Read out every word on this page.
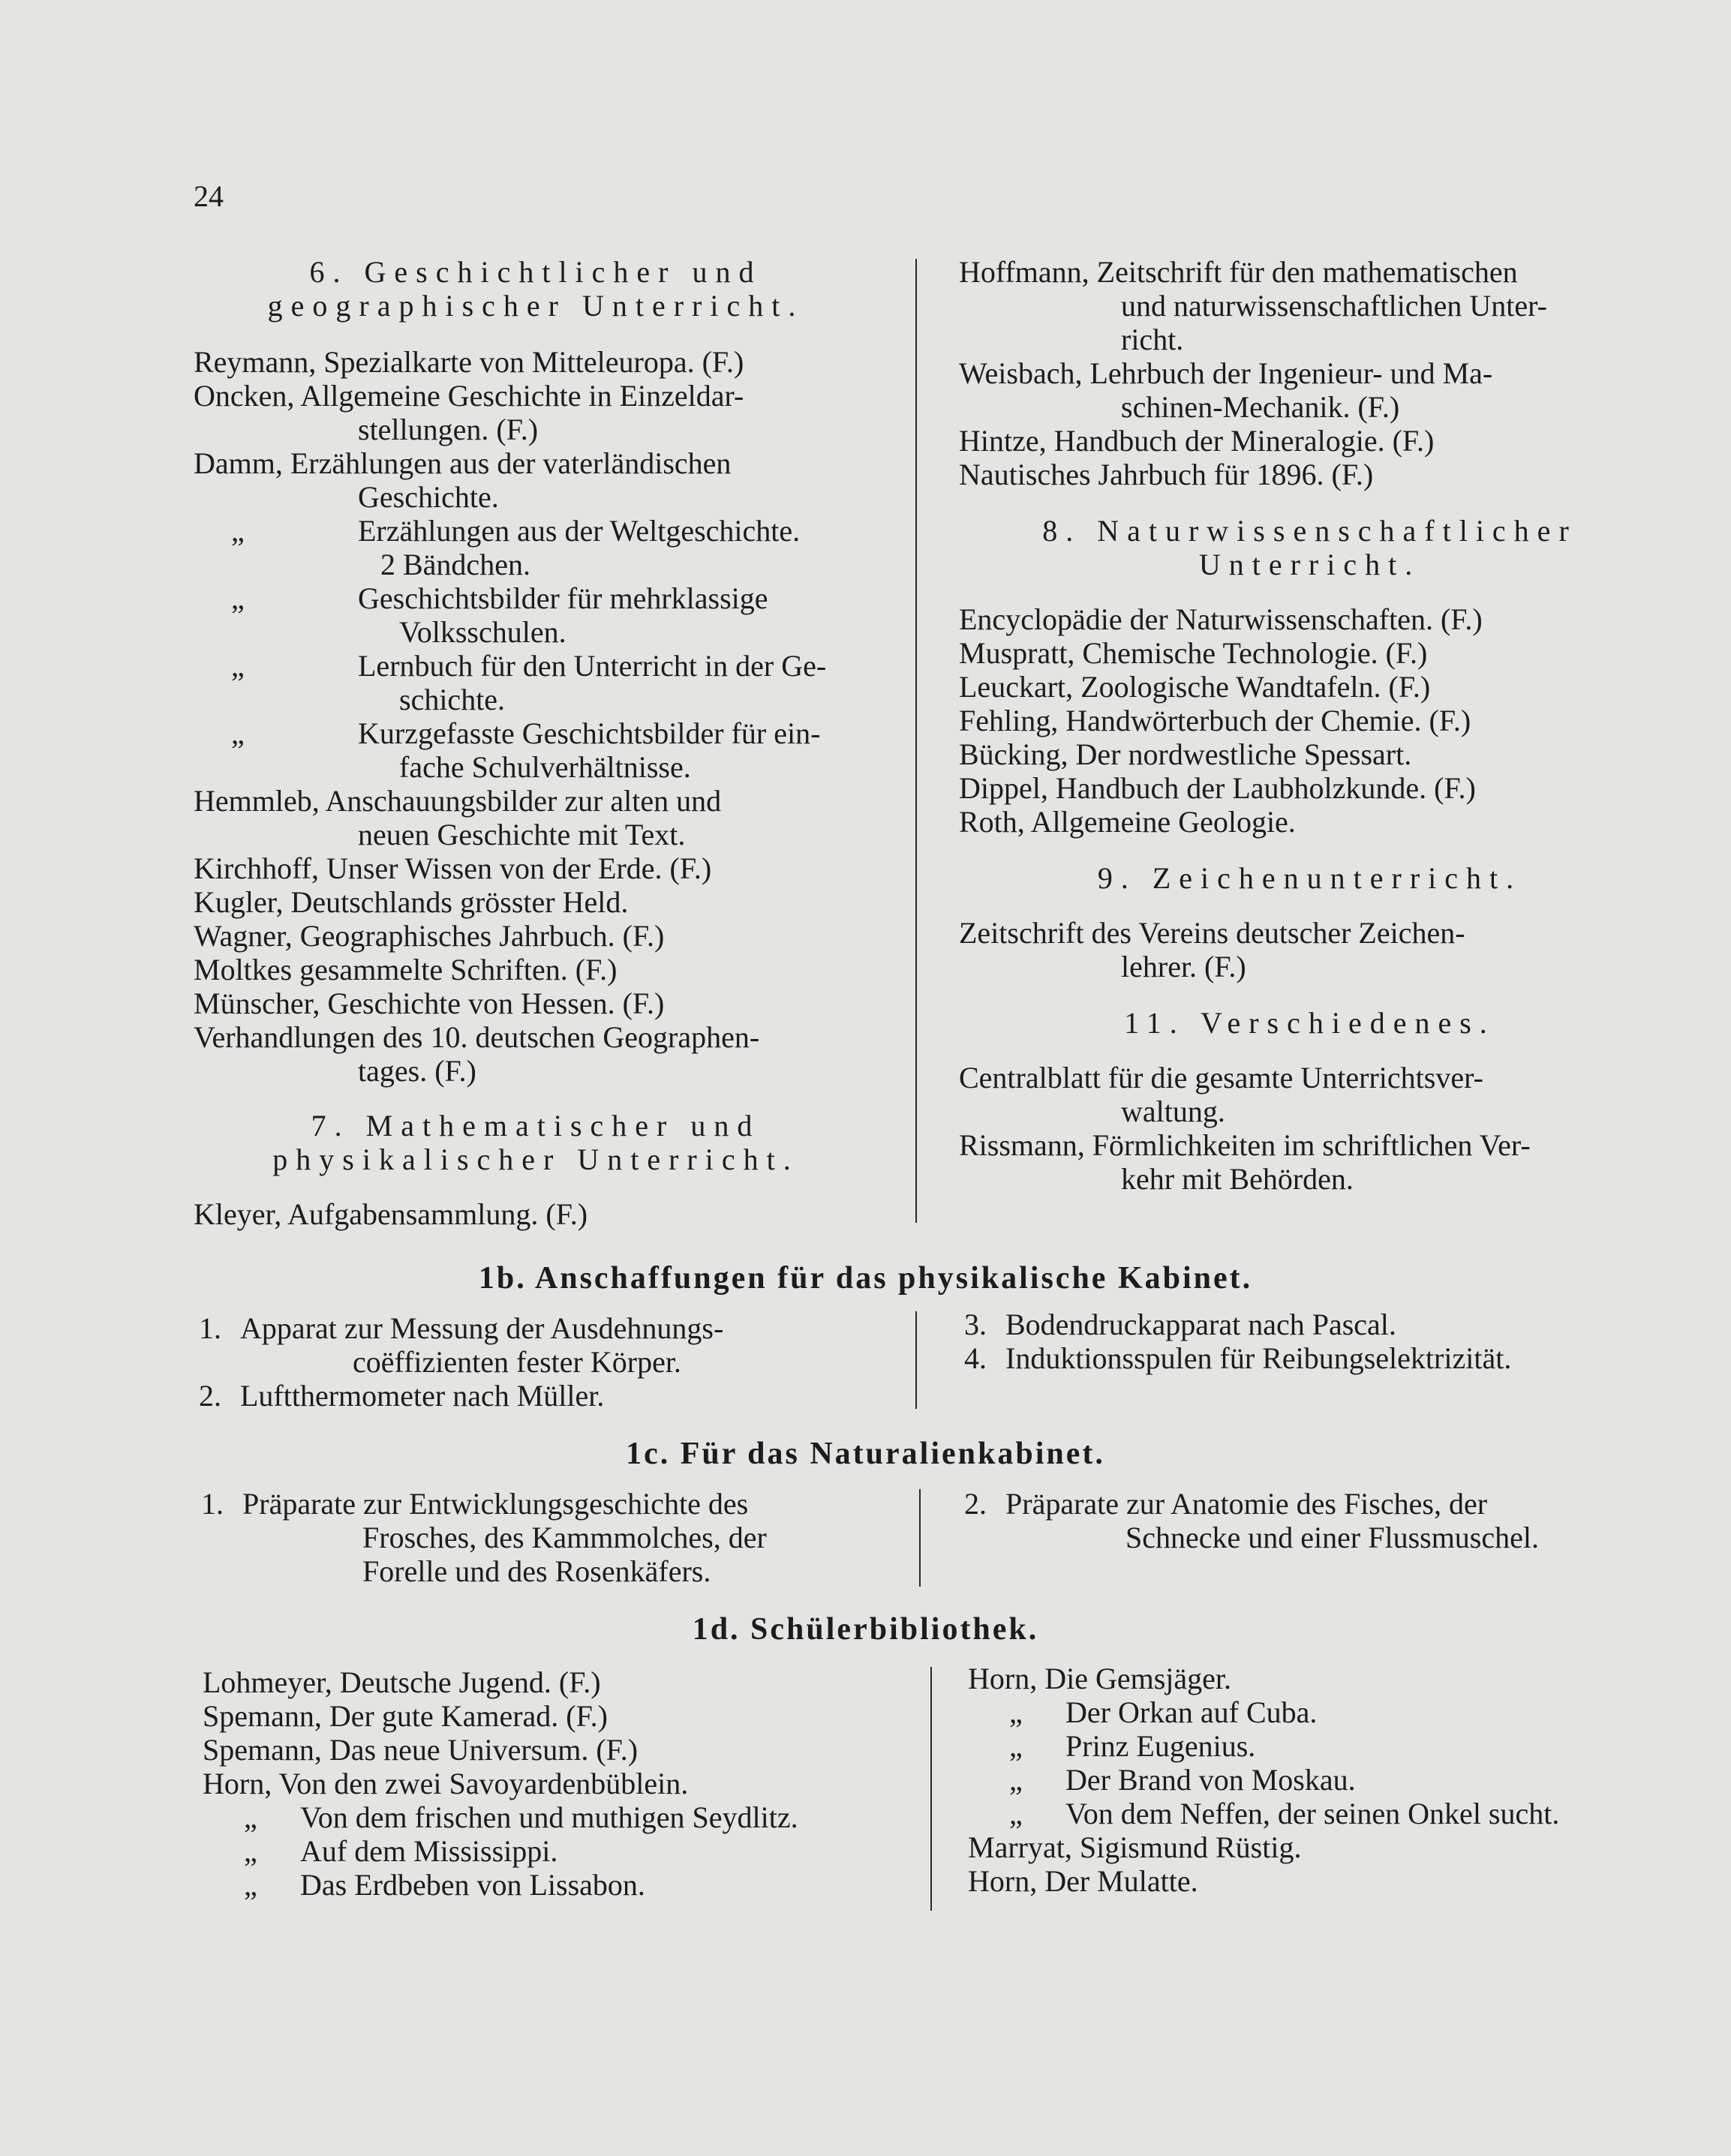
24

6. Geschichtlicher und

geographischer Unterricht.

Reymann, Spezialkarte von Mitteleuropa. (F.)

Oncken, Allgemeine Geschichte in Einzeldar-
stellungen. (F.)

Damm, Erzählungen aus der vaterländischen
Geschichte.

„	Erzählungen aus der Weltgeschichte.
2 Bändchen.

„	Geschichtsbilder für mehrklassige
Volksschulen.

„	Lernbuch für den Unterricht in der Ge-
schichte.

„	Kurzgefasste Geschichtsbilder für ein-
fache Schulverhältnisse.

Hemmleb, Anschauungsbilder zur alten und
neuen Geschichte mit Text.

Kirchhoff, Unser Wissen von der Erde. (F.)

Kugler, Deutschlands grösster Held.

Wagner, Geographisches Jahrbuch. (F.)

Moltkes gesammelte Schriften. (F.)

Münscher, Geschichte von Hessen. (F.)

Verhandlungen des 10. deutschen Geographen-
tages. (F.)

7. Mathematischer und

physikalischer Unterricht.

Kleyer, Aufgabensammlung. (F.)

Hoffmann, Zeitschrift für den mathematischen
und naturwissenschaftlichen Unter-
richt.

Weisbach, Lehrbuch der Ingenieur- und Ma-
schinen-Mechanik. (F.)

Hintze, Handbuch der Mineralogie. (F.)

Nautisches Jahrbuch für 1896. (F.)

8. Naturwissenschaftlicher

Unterricht.

Encyclopädie der Naturwissenschaften. (F.)

Muspratt, Chemische Technologie. (F.)

Leuckart, Zoologische Wandtafeln. (F.)

Fehling, Handwörterbuch der Chemie. (F.)

Bücking, Der nordwestliche Spessart.

Dippel, Handbuch der Laubholzkunde. (F.)

Roth, Allgemeine Geologie.

9. Zeichenunterricht.

Zeitschrift des Vereins deutscher Zeichen-
lehrer. (F.)

11. Verschiedenes.

Centralblatt für die gesamte Unterrichtsver-
waltung.

Rissmann, Förmlichkeiten im schriftlichen Ver-
kehr mit Behörden.

1b. Anschaffungen für das physikalische Kabinet.

1. Apparat zur Messung der Ausdehnungs-
coëffizienten fester Körper.

2. Luftthermometer nach Müller.

3. Bodendruckapparat nach Pascal.

4. Induktionsspulen für Reibungselektrizität.

1c. Für das Naturalienkabinet.

1. Präparate zur Entwicklungsgeschichte des
Frosches, des Kammmolches, der
Forelle und des Rosenkäfers.

2. Präparate zur Anatomie des Fisches, der
Schnecke und einer Flussmuschel.

1d. Schülerbibliothek.

Lohmeyer, Deutsche Jugend. (F.)

Spemann, Der gute Kamerad. (F.)

Spemann, Das neue Universum. (F.)

Horn, Von den zwei Savoyardenbüblein.

„ Von dem frischen und muthigen Seydlitz.

„ Auf dem Mississippi.

„ Das Erdbeben von Lissabon.

Horn, Die Gemsjäger.

„ Der Orkan auf Cuba.

„ Prinz Eugenius.

„ Der Brand von Moskau.

„ Von dem Neffen, der seinen Onkel sucht.

Marryat, Sigismund Rüstig.

Horn, Der Mulatte.
